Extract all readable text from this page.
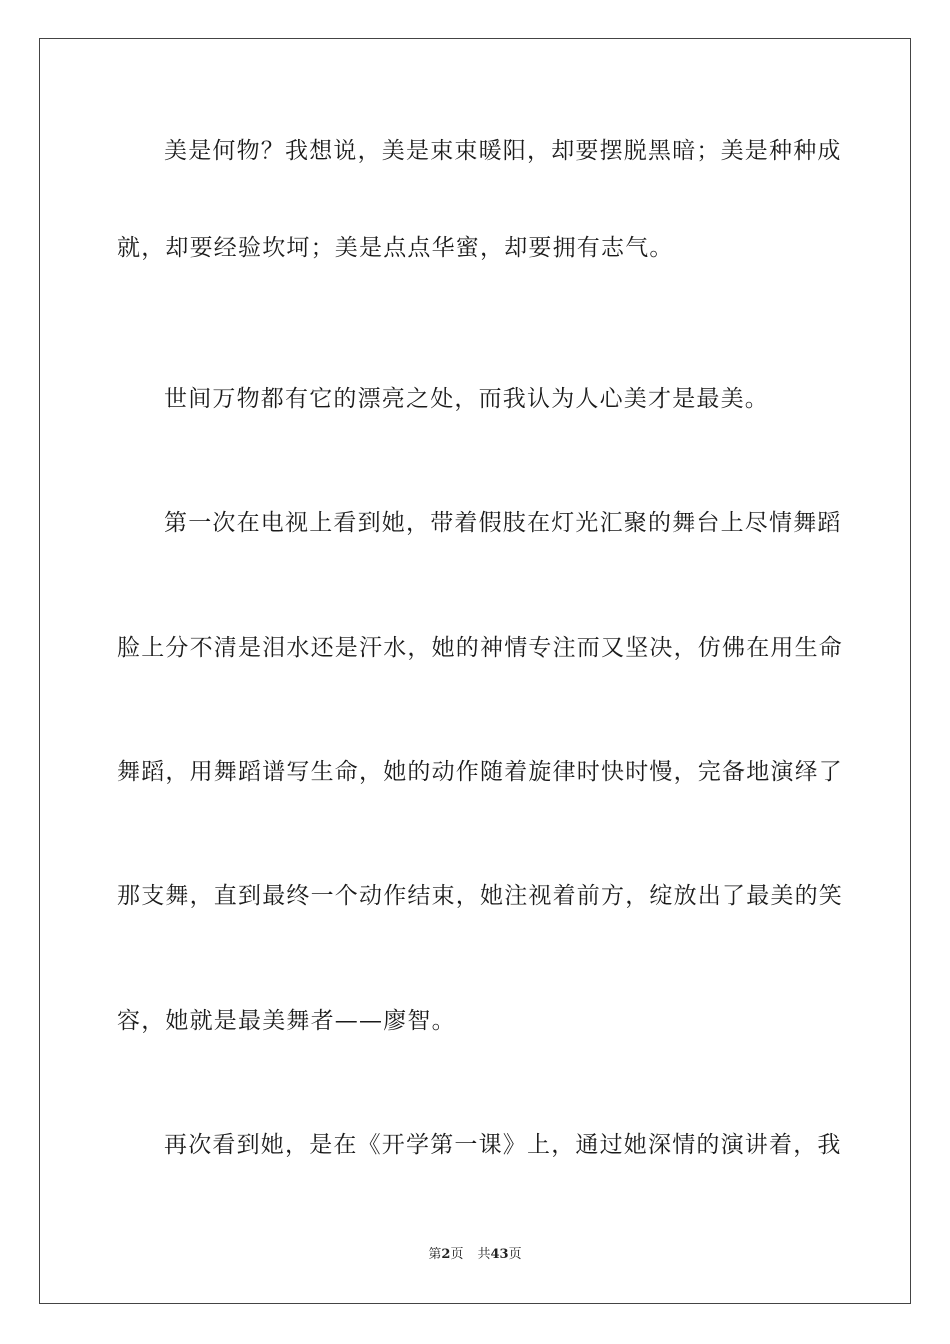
美是何物？我想说，美是束束暖阳，却要摆脱黑暗；美是种种成
就，却要经验坎坷；美是点点华蜜，却要拥有志气。
世间万物都有它的漂亮之处，而我认为人心美才是最美。
第一次在电视上看到她，带着假肢在灯光汇聚的舞台上尽情舞蹈
脸上分不清是泪水还是汗水，她的神情专注而又坚决，仿佛在用生命
舞蹈，用舞蹈谱写生命，她的动作随着旋律时快时慢，完备地演绎了
那支舞，直到最终一个动作结束，她注视着前方，绽放出了最美的笑
容，她就是最美舞者——廖智。
再次看到她，是在《开学第一课》上，通过她深情的演讲着，我
第2页 共43页
